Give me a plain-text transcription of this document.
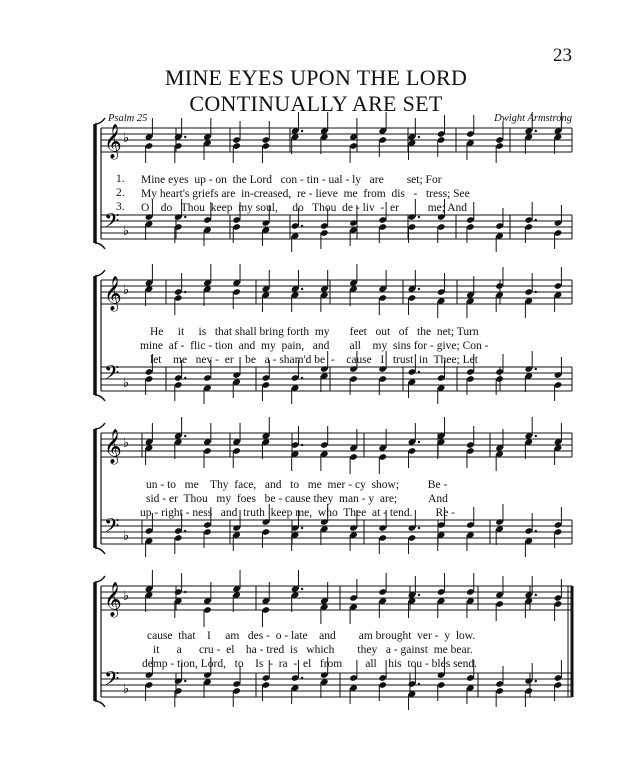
23
MINE EYES UPON THE LORD
CONTINUALLY ARE SET
Psalm 25	Dwight Armstrong
𝄞
𝄢
♭
♭
𝄞
𝄢
♭
♭
𝄞
𝄢
♭
♭
𝄞
𝄢
♭
♭
1.
2.
3.
Mine eyes  up - on  the Lord   con - tin - ual - ly   are        set; For
My heart's griefs are  in-creased,  re - lieve  me  from  dis   -   tress; See
O    do   Thou  keep  my soul,     do   Thou  de - liv  -  er          me; And
He     it     is   that shall bring forth  my       feet   out   of   the  net; Turn
mine  af -  flic - tion  and  my  pain,   and       all    my  sins for - give; Con -
let    me   nev -  er    be   a - sham'd be  -    cause   I   trust  in  Thee; Let
un - to   me    Thy  face,   and   to   me  mer - cy  show;          Be -
sid - er  Thou   my  foes   be - cause they  man - y  are;           And
up - right - ness   and  truth  keep me,  who  Thee  at - tend.        Re -
cause  that    I     am   des -  o - late    and        am brought  ver -  y  low.
it      a      cru -  el    ha - tred  is   which        they   a - gainst  me bear.
demp - tion, Lord,   to    Is  -  ra  -  el   from        all    his  tou - bles send.
